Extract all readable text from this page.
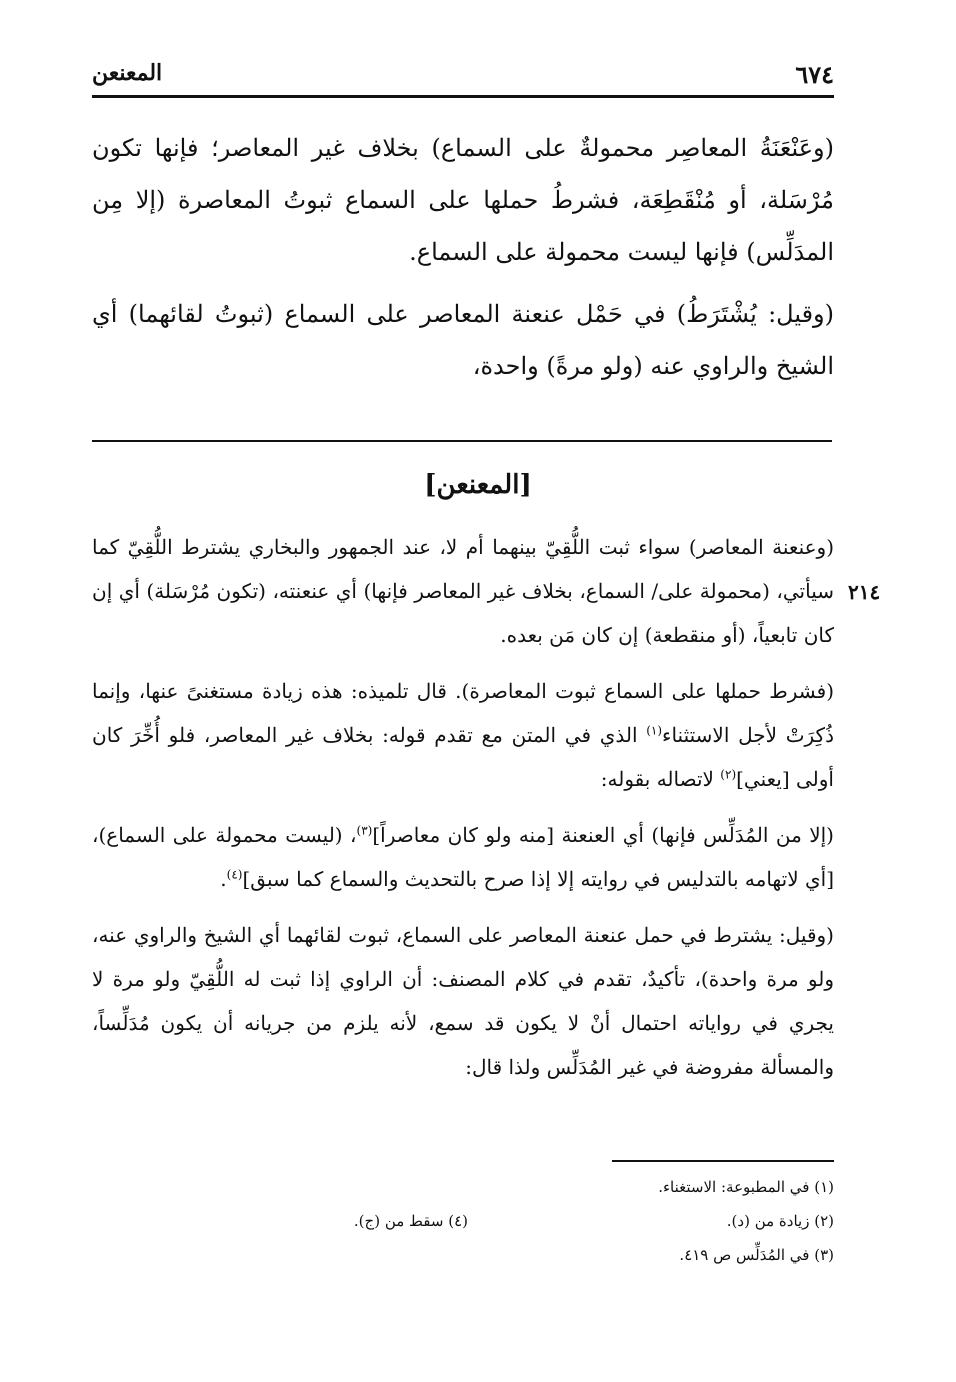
٦٧٤
المعنعن

(وعَنْعَنَةُ المعاصِر محمولةٌ على السماع) بخلاف غير المعاصر؛ فإنها تكون مُرْسَلة، أو مُنْقَطِعَة، فشرطُ حملها على السماع ثبوتُ المعاصرة (إلا مِن المدَلِّس) فإنها ليست محمولة على السماع.

(وقيل: يُشْتَرَطُ) في حَمْل عنعنة المعاصر على السماع (ثبوتُ لقائهما) أي الشيخ والراوي عنه (ولو مرةً) واحدة،

[المعنعن]
٢١٤

(وعنعنة المعاصر) سواء ثبت اللُّقِيّ بينهما أم لا، عند الجمهور والبخاري يشترط اللُّقِيّ كما سيأتي، (محمولة على/ السماع، بخلاف غير المعاصر فإنها) أي عنعنته، (تكون مُرْسَلة) أي إن كان تابعياً، (أو منقطعة) إن كان مَن بعده.

(فشرط حملها على السماع ثبوت المعاصرة). قال تلميذه: هذه زيادة مستغنىً عنها، وإنما ذُكِرَتْ لأجل الاستثناء$^{(١)}$ الذي في المتن مع تقدم قوله: بخلاف غير المعاصر، فلو أُخِّرَ كان أولى [يعني]$^{(٢)}$ لاتصاله بقوله:

(إلا من المُدَلِّس فإنها) أي العنعنة [منه ولو كان معاصراً]$^{(٣)}$، (ليست محمولة على السماع)، [أي لاتهامه بالتدليس في روايته إلا إذا صرح بالتحديث والسماع كما سبق]$^{(٤)}$.

(وقيل: يشترط في حمل عنعنة المعاصر على السماع، ثبوت لقائهما أي الشيخ والراوي عنه، ولو مرة واحدة)، تأكيدٌ، تقدم في كلام المصنف: أن الراوي إذا ثبت له اللُّقِيّ ولو مرة لا يجري في رواياته احتمال أنْ لا يكون قد سمع، لأنه يلزم من جريانه أن يكون مُدَلِّساً، والمسألة مفروضة في غير المُدَلِّس ولذا قال:

(١) في المطبوعة: الاستغناء.
(٢) زيادة من (د).
(٣) في المُدَلِّس ص ٤١٩.
(٤) سقط من (ج).
